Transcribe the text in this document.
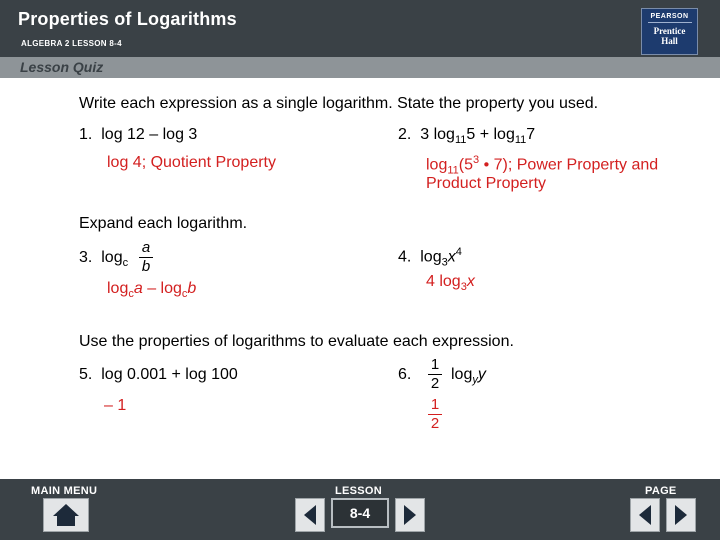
Properties of Logarithms
ALGEBRA 2 LESSON 8-4
PEARSON
Prentice
Hall
Lesson Quiz
Write each expression as a single logarithm. State the property you used.
1. log 12 – log 3
log 4; Quotient Property
2. 3 $\log_{11}5 + \log_{11}7$
$\log_{11}(5^3$ • 7); Power Property and
Product Property
Expand each logarithm.
3. $\log_c$
a
b
$\log_ca - \log_cb$
4. $\log_3x^4$
4 $\log_3x$
Use the properties of logarithms to evaluate each expression.
5. log 0.001 + log 100
– 1
6.
1
2
$\log_yy$
1
2
MAIN MENU	LESSON	PAGE
8-4
